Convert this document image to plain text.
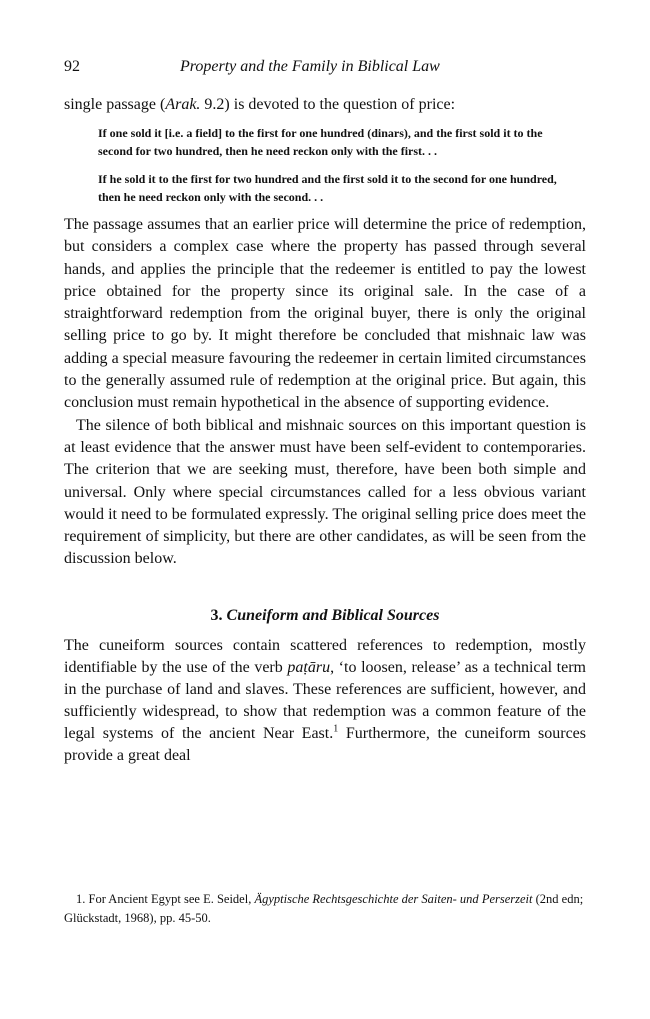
92	Property and the Family in Biblical Law

single passage (Arak. 9.2) is devoted to the question of price:

If one sold it [i.e. a field] to the first for one hundred (dinars), and the first sold it to the second for two hundred, then he need reckon only with the first. . .

If he sold it to the first for two hundred and the first sold it to the second for one hundred, then he need reckon only with the second. . .

The passage assumes that an earlier price will determine the price of redemption, but considers a complex case where the property has passed through several hands, and applies the principle that the redeemer is entitled to pay the lowest price obtained for the property since its original sale. In the case of a straightforward redemption from the original buyer, there is only the original selling price to go by. It might therefore be concluded that mishnaic law was adding a special measure favouring the redeemer in certain limited circumstances to the generally assumed rule of redemption at the original price. But again, this conclusion must remain hypothetical in the absence of supporting evidence.

The silence of both biblical and mishnaic sources on this important question is at least evidence that the answer must have been self-evident to contemporaries. The criterion that we are seeking must, therefore, have been both simple and universal. Only where special circumstances called for a less obvious variant would it need to be formulated expressly. The original selling price does meet the requirement of simplicity, but there are other candidates, as will be seen from the discussion below.

3. Cuneiform and Biblical Sources

The cuneiform sources contain scattered references to redemption, mostly identifiable by the use of the verb paṭāru, ‘to loosen, release’ as a technical term in the purchase of land and slaves. These references are sufficient, however, and sufficiently widespread, to show that redemption was a common feature of the legal systems of the ancient Near East.$^1$ Furthermore, the cuneiform sources provide a great deal

1. For Ancient Egypt see E. Seidel, Ägyptische Rechtsgeschichte der Saiten- und Perserzeit (2nd edn; Glückstadt, 1968), pp. 45-50.
